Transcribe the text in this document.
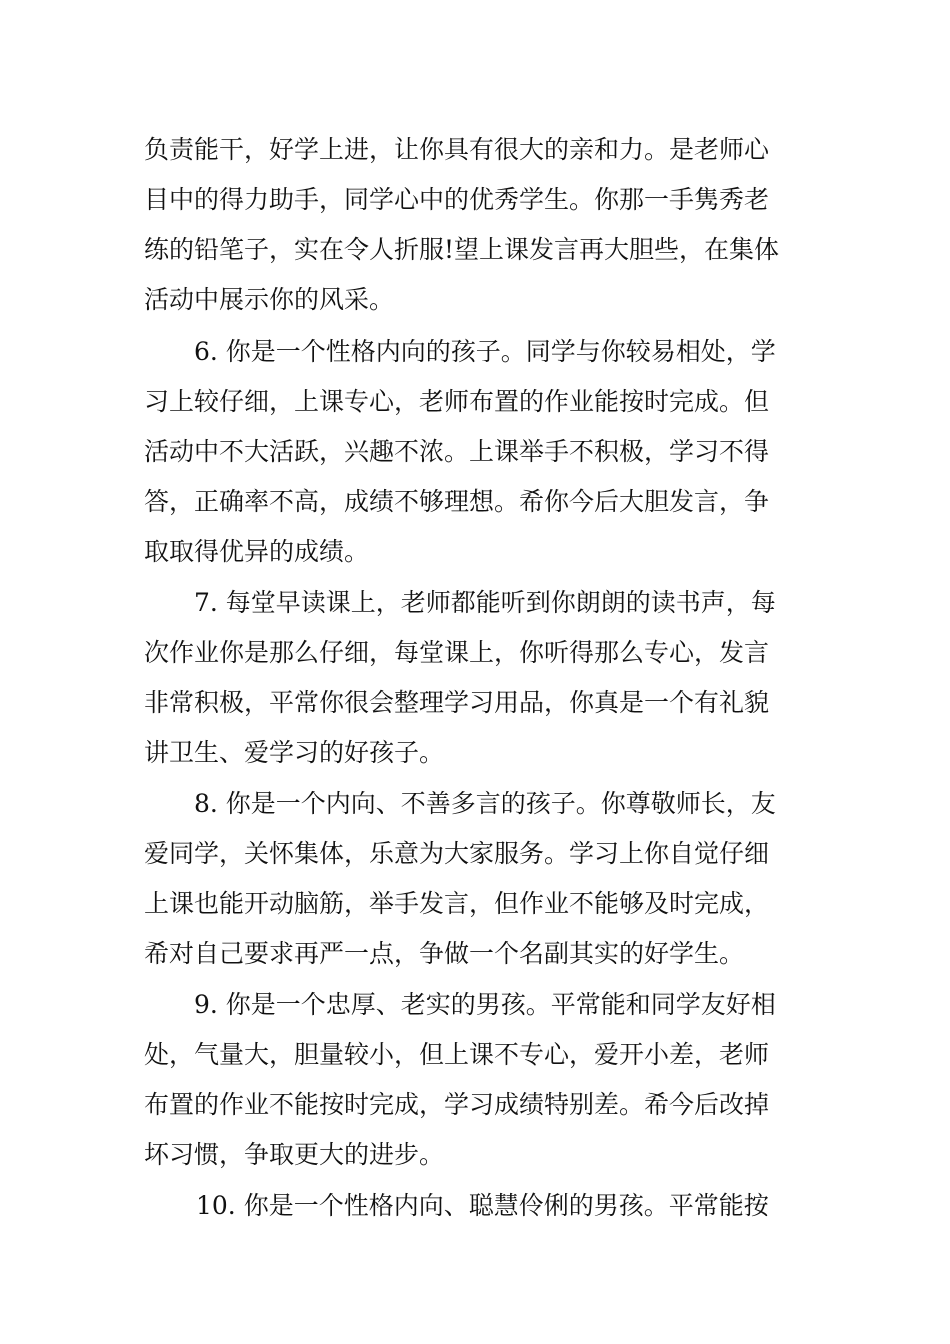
负责能干，好学上进，让你具有很大的亲和力。是老师心
目中的得力助手，同学心中的优秀学生。你那一手隽秀老
练的铅笔子，实在令人折服!望上课发言再大胆些，在集体
活动中展示你的风采。
6. 你是一个性格内向的孩子。同学与你较易相处，学
习上较仔细，上课专心，老师布置的作业能按时完成。但
活动中不大活跃，兴趣不浓。上课举手不积极，学习不得
答，正确率不高，成绩不够理想。希你今后大胆发言，争
取取得优异的成绩。
7. 每堂早读课上，老师都能听到你朗朗的读书声，每
次作业你是那么仔细，每堂课上，你听得那么专心，发言
非常积极，平常你很会整理学习用品，你真是一个有礼貌
讲卫生、爱学习的好孩子。
8. 你是一个内向、不善多言的孩子。你尊敬师长，友
爱同学，关怀集体，乐意为大家服务。学习上你自觉仔细
上课也能开动脑筋，举手发言，但作业不能够及时完成，
希对自己要求再严一点，争做一个名副其实的好学生。
9. 你是一个忠厚、老实的男孩。平常能和同学友好相
处，气量大，胆量较小，但上课不专心，爱开小差，老师
布置的作业不能按时完成，学习成绩特别差。希今后改掉
坏习惯，争取更大的进步。
10. 你是一个性格内向、聪慧伶俐的男孩。平常能按
